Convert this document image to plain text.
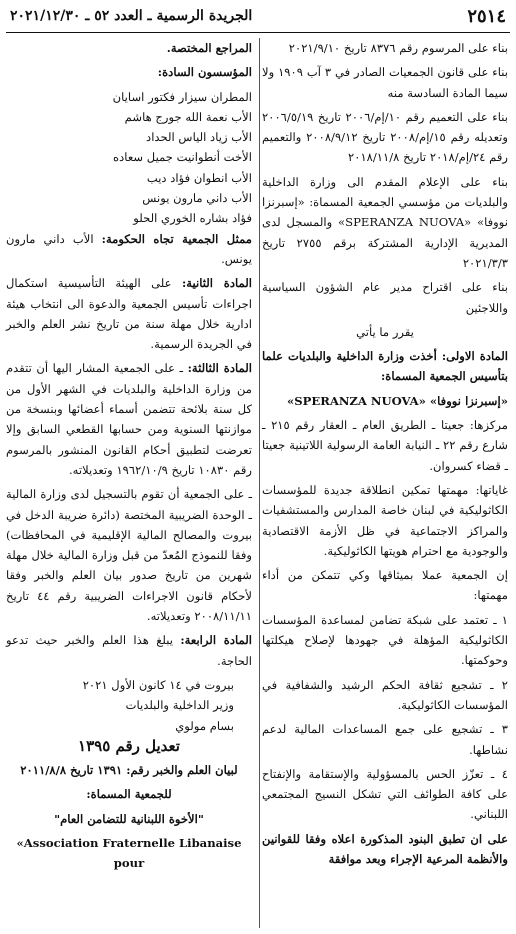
٢٥١٤
الجريدة الرسمية ـ العدد ٥٢ ـ ٢٠٢١/١٢/٣٠

بناء على المرسوم رقم ٨٣٧٦ تاريخ ٢٠٢١/٩/١٠

بناء على قانون الجمعيات الصادر في ٣ آب ١٩٠٩ ولا سيما المادة السادسة منه

بناء على التعميم رقم ١٠/إم/٢٠٠٦ تاريخ ٢٠٠٦/٥/١٩ وتعديله رقم ١٥/إم/٢٠٠٨ تاريخ ٢٠٠٨/٩/١٢ والتعميم رقم ٢٤/إم/٢٠١٨ تاريخ ٢٠١٨/١١/٨

بناء على الإعلام المقدم الى وزارة الداخلية والبلديات من مؤسسي الجمعية المسماة: «إسبرنزا نووفا» «SPERANZA NUOVA» والمسجل لدى المديرية الإدارية المشتركة برقم ٢٧٥٥ تاريخ ٢٠٢١/٣/٣

بناء على اقتراح مدير عام الشؤون السياسية واللاجئين

يقرر ما يأتي

المادة الاولى: أخذت وزارة الداخلية والبلديات علما بتأسيس الجمعية المسماة:

«إسبرنزا نووفا» «SPERANZA NUOVA»

مركزها: جعيتا ـ الطريق العام ـ العقار رقم ٢١٥ ـ شارع رقم ٢٢ ـ النيابة العامة الرسولية اللاتينية جعيتا ـ قضاء كسروان.

غاياتها: مهمتها تمكين انطلاقة جديدة للمؤسسات الكاثوليكية في لبنان خاصة المدارس والمستشفيات والمراكز الاجتماعية في ظل الأزمة الاقتصادية والوجودية مع احترام هويتها الكاثوليكية.

إن الجمعية عملا بميثاقها وكي تتمكن من أداء مهمتها:

١ ـ تعتمد على شبكة تضامن لمساعدة المؤسسات الكاثوليكية المؤهلة في جهودها لإصلاح هيكلتها وحوكمتها.

٢ ـ تشجيع ثقافة الحكم الرشيد والشفافية في المؤسسات الكاثوليكية.

٣ ـ تشجيع على جمع المساعدات المالية لدعم نشاطها.

٤ ـ تعزّز الحس بالمسؤولية والإستقامة والإنفتاح على كافة الطوائف التي تشكل النسيج المجتمعي اللبناني.

على ان تطبق البنود المذكورة اعلاه وفقا للقوانين والأنظمة المرعية الإجراء وبعد موافقة

المراجع المختصة.

المؤسسون السادة:

المطران سيزار فكتور اسايان

الأب نعمة الله جورج هاشم

الأب زياد الياس الحداد

الأخت أنطوانيت جميل سعاده

الأب انطوان فؤاد ديب

الأب داني مارون يونس

فؤاد بشاره الخوري الحلو

ممثل الجمعية تجاه الحكومة: الأب داني مارون يونس.

المادة الثانية: على الهيئة التأسيسية استكمال اجراءات تأسيس الجمعية والدعوة الى انتخاب هيئة ادارية خلال مهلة سنة من تاريخ نشر العلم والخبر في الجريدة الرسمية.

المادة الثالثة: ـ على الجمعية المشار اليها أن تتقدم من وزارة الداخلية والبلديات في الشهر الأول من كل سنة بلائحة تتضمن أسماء أعضائها وبنسخة من موازنتها السنوية ومن حسابها القطعي السابق وإلا تعرضت لتطبيق أحكام القانون المنشور بالمرسوم رقم ١٠٨٣٠ تاريخ ١٩٦٢/١٠/٩ وتعديلاته.

ـ على الجمعية أن تقوم بالتسجيل لدى وزارة المالية ـ الوحدة الضريبية المختصة (دائرة ضريبة الدخل في بيروت والمصالح المالية الإقليمية في المحافظات) وفقا للنموذج المُعدّ من قبل وزارة المالية خلال مهلة شهرين من تاريخ صدور بيان العلم والخبر وفقا لأحكام قانون الاجراءات الضريبية رقم ٤٤ تاريخ ٢٠٠٨/١١/١١ وتعديلاته.

المادة الرابعة: يبلغ هذا العلم والخبر حيث تدعو الحاجة.

بيروت في ١٤ كانون الأول ٢٠٢١

وزير الداخلية والبلديات

بسام مولوي

تعديل رقم ١٣٩٥

لبيان العلم والخبر رقم: ١٣٩١ تاريخ ٢٠١١/٨/٨

للجمعية المسماة:

"الأخوة اللبنانية للتضامن العام"

«Association Fraternelle Libanaise pour
